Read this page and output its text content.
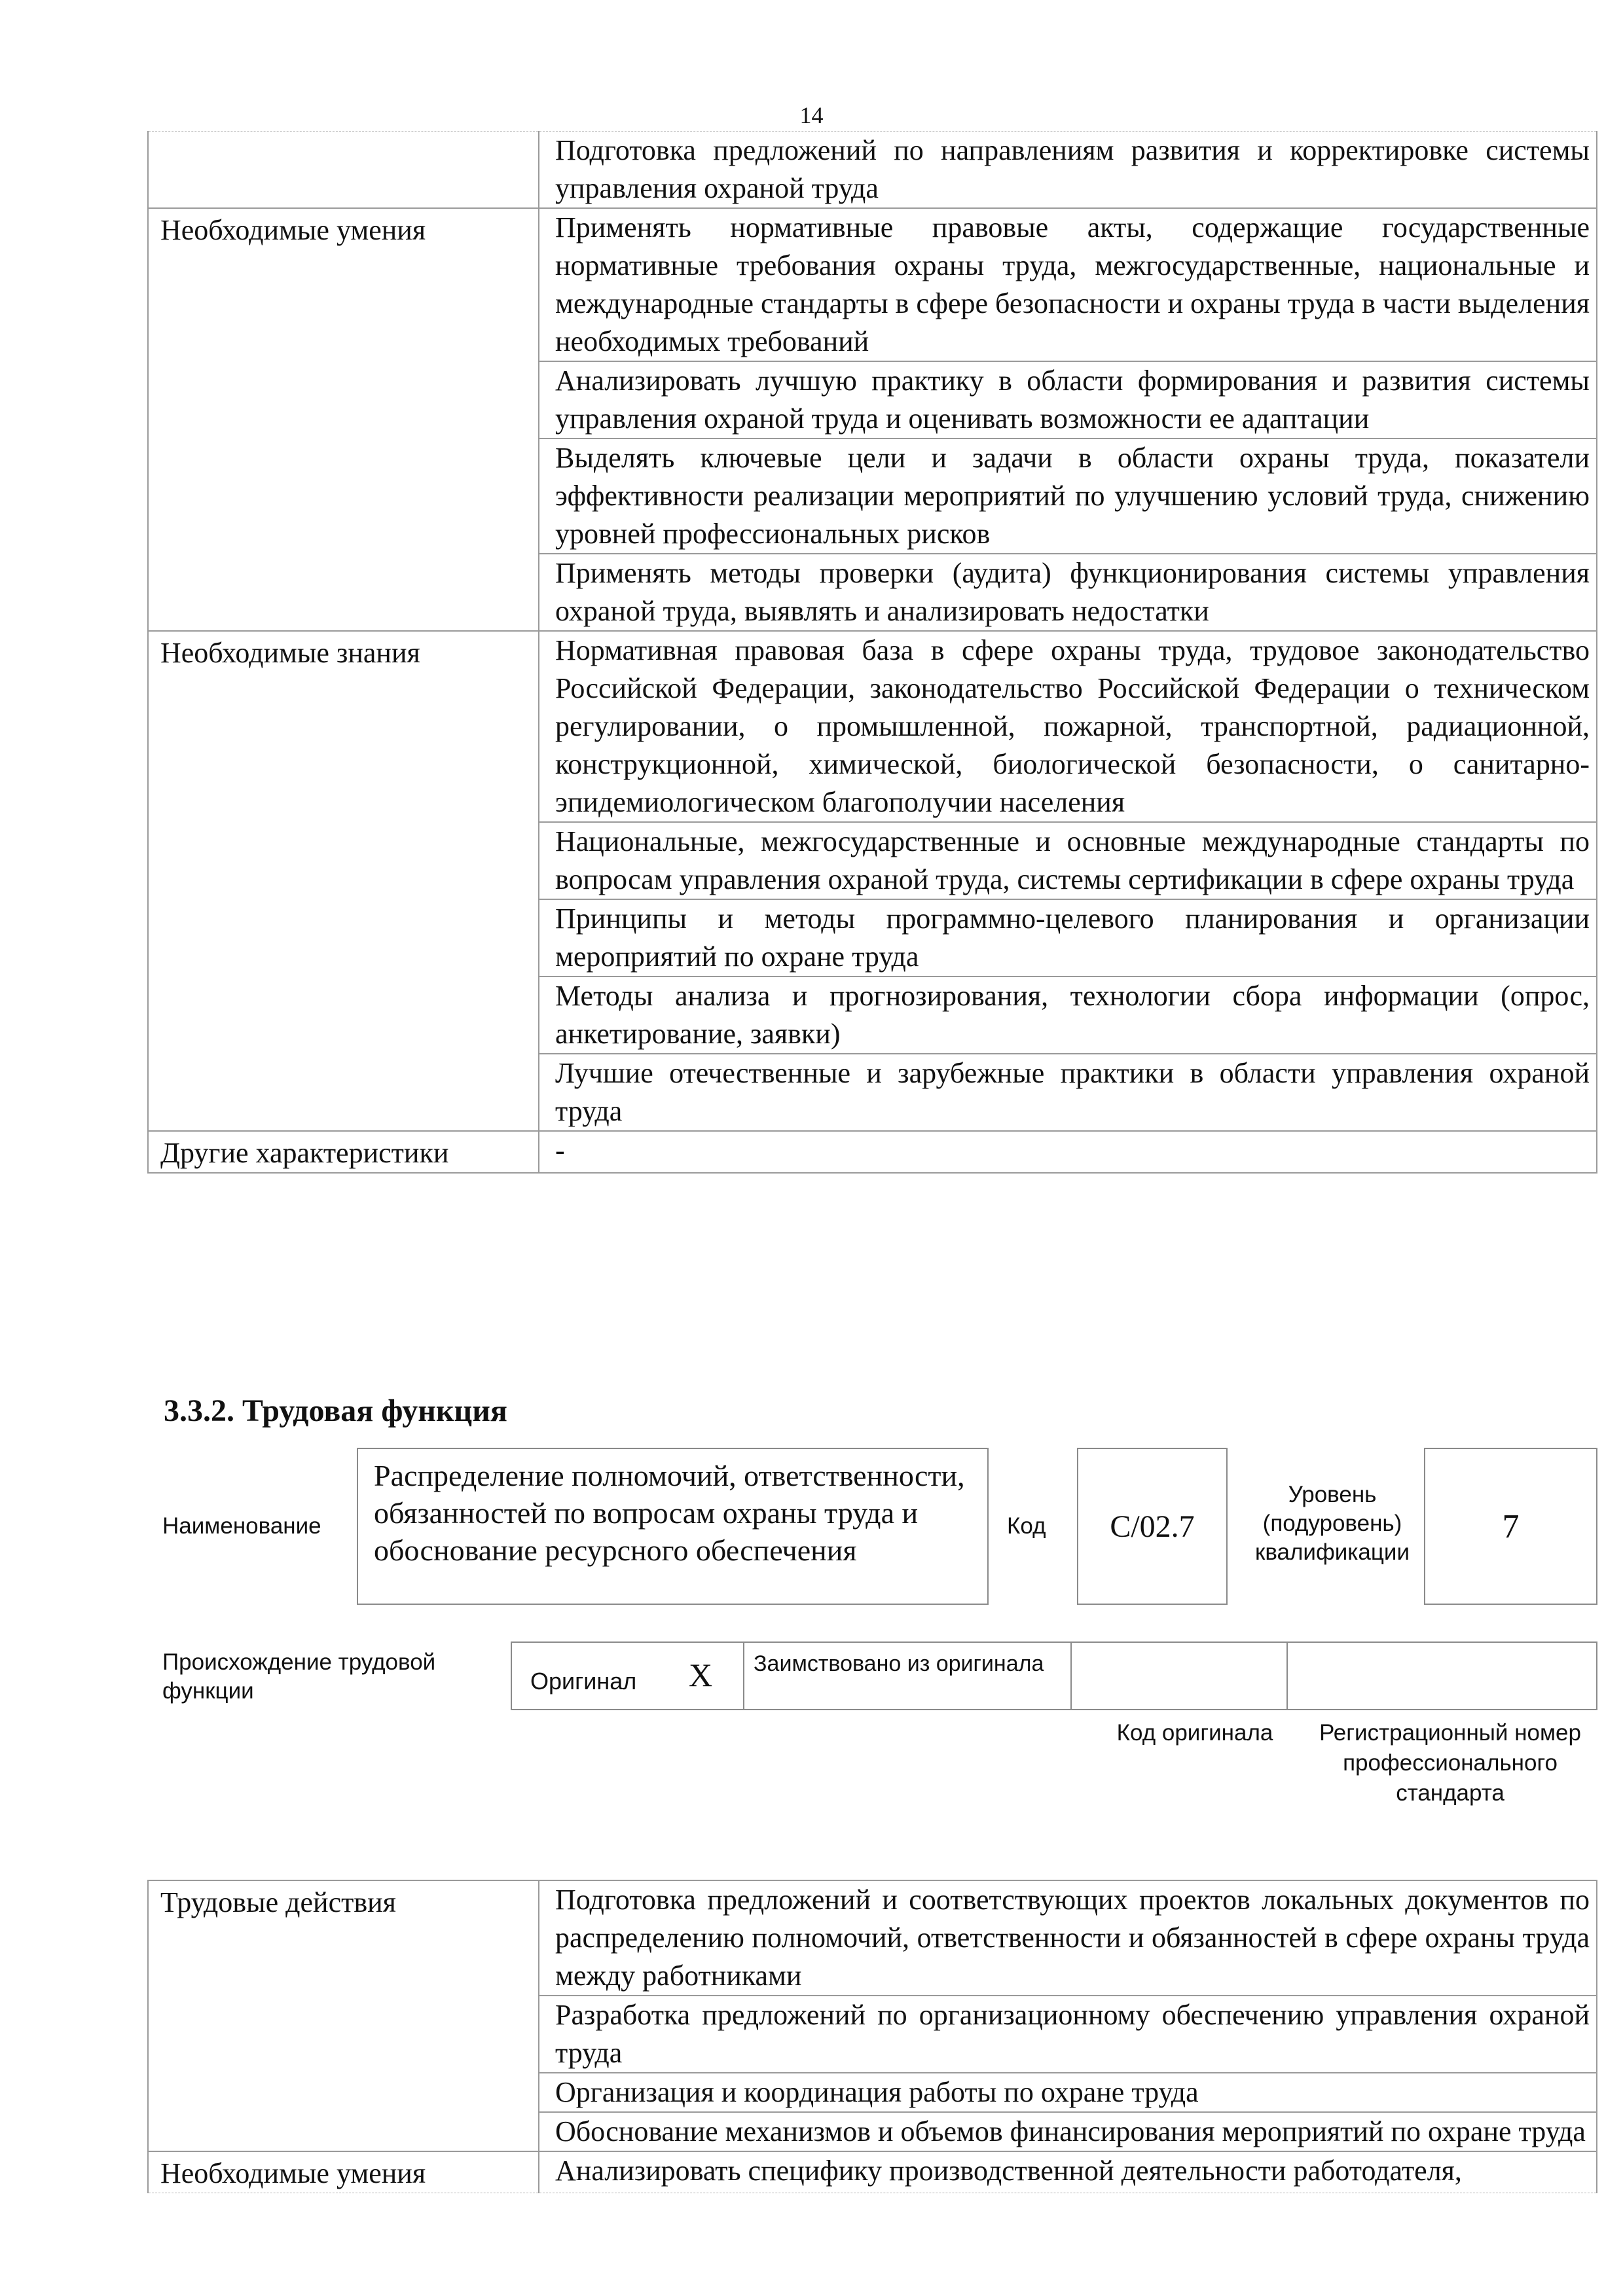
14
	Подготовка предложений по направлениям развития и корректировке системы управления охраной труда
Необходимые умения	Применять нормативные правовые акты, содержащие государственные нормативные требования охраны труда, межгосударственные, национальные и международные стандарты в сфере безопасности и охраны труда в части выделения необходимых требований
	Анализировать лучшую практику в области формирования и развития системы управления охраной труда и оценивать возможности ее адаптации
	Выделять ключевые цели и задачи в области охраны труда, показатели эффективности реализации мероприятий по улучшению условий труда, снижению уровней профессиональных рисков
	Применять методы проверки (аудита) функционирования системы управления охраной труда, выявлять и анализировать недостатки
Необходимые знания	Нормативная правовая база в сфере охраны труда, трудовое законодательство Российской Федерации, законодательство Российской Федерации о техническом регулировании, о промышленной, пожарной, транспортной, радиационной, конструкционной, химической, биологической безопасности, о санитарно-эпидемиологическом благополучии населения
	Национальные, межгосударственные и основные международные стандарты по вопросам управления охраной труда, системы сертификации в сфере охраны труда
	Принципы и методы программно-целевого планирования и организации мероприятий по охране труда
	Методы анализа и прогнозирования, технологии сбора информации (опрос, анкетирование, заявки)
	Лучшие отечественные и зарубежные практики в области управления охраной труда
Другие характеристики	-
3.3.2. Трудовая функция
Наименование
Распределение полномочий, ответственности, обязанностей по вопросам охраны труда и обоснование ресурсного обеспечения
Код	C/02.7
Уровень (подуровень) квалификации
7
Происхождение трудовой функции	Оригинал X Заимствовано из оригинала
Код оригинала	Регистрационный номер профессионального стандарта
Трудовые действия	Подготовка предложений и соответствующих проектов локальных документов по распределению полномочий, ответственности и обязанностей в сфере охраны труда между работниками
	Разработка предложений по организационному обеспечению управления охраной труда
	Организация и координация работы по охране труда
	Обоснование механизмов и объемов финансирования мероприятий по охране труда
Необходимые умения	Анализировать специфику производственной деятельности работодателя,
